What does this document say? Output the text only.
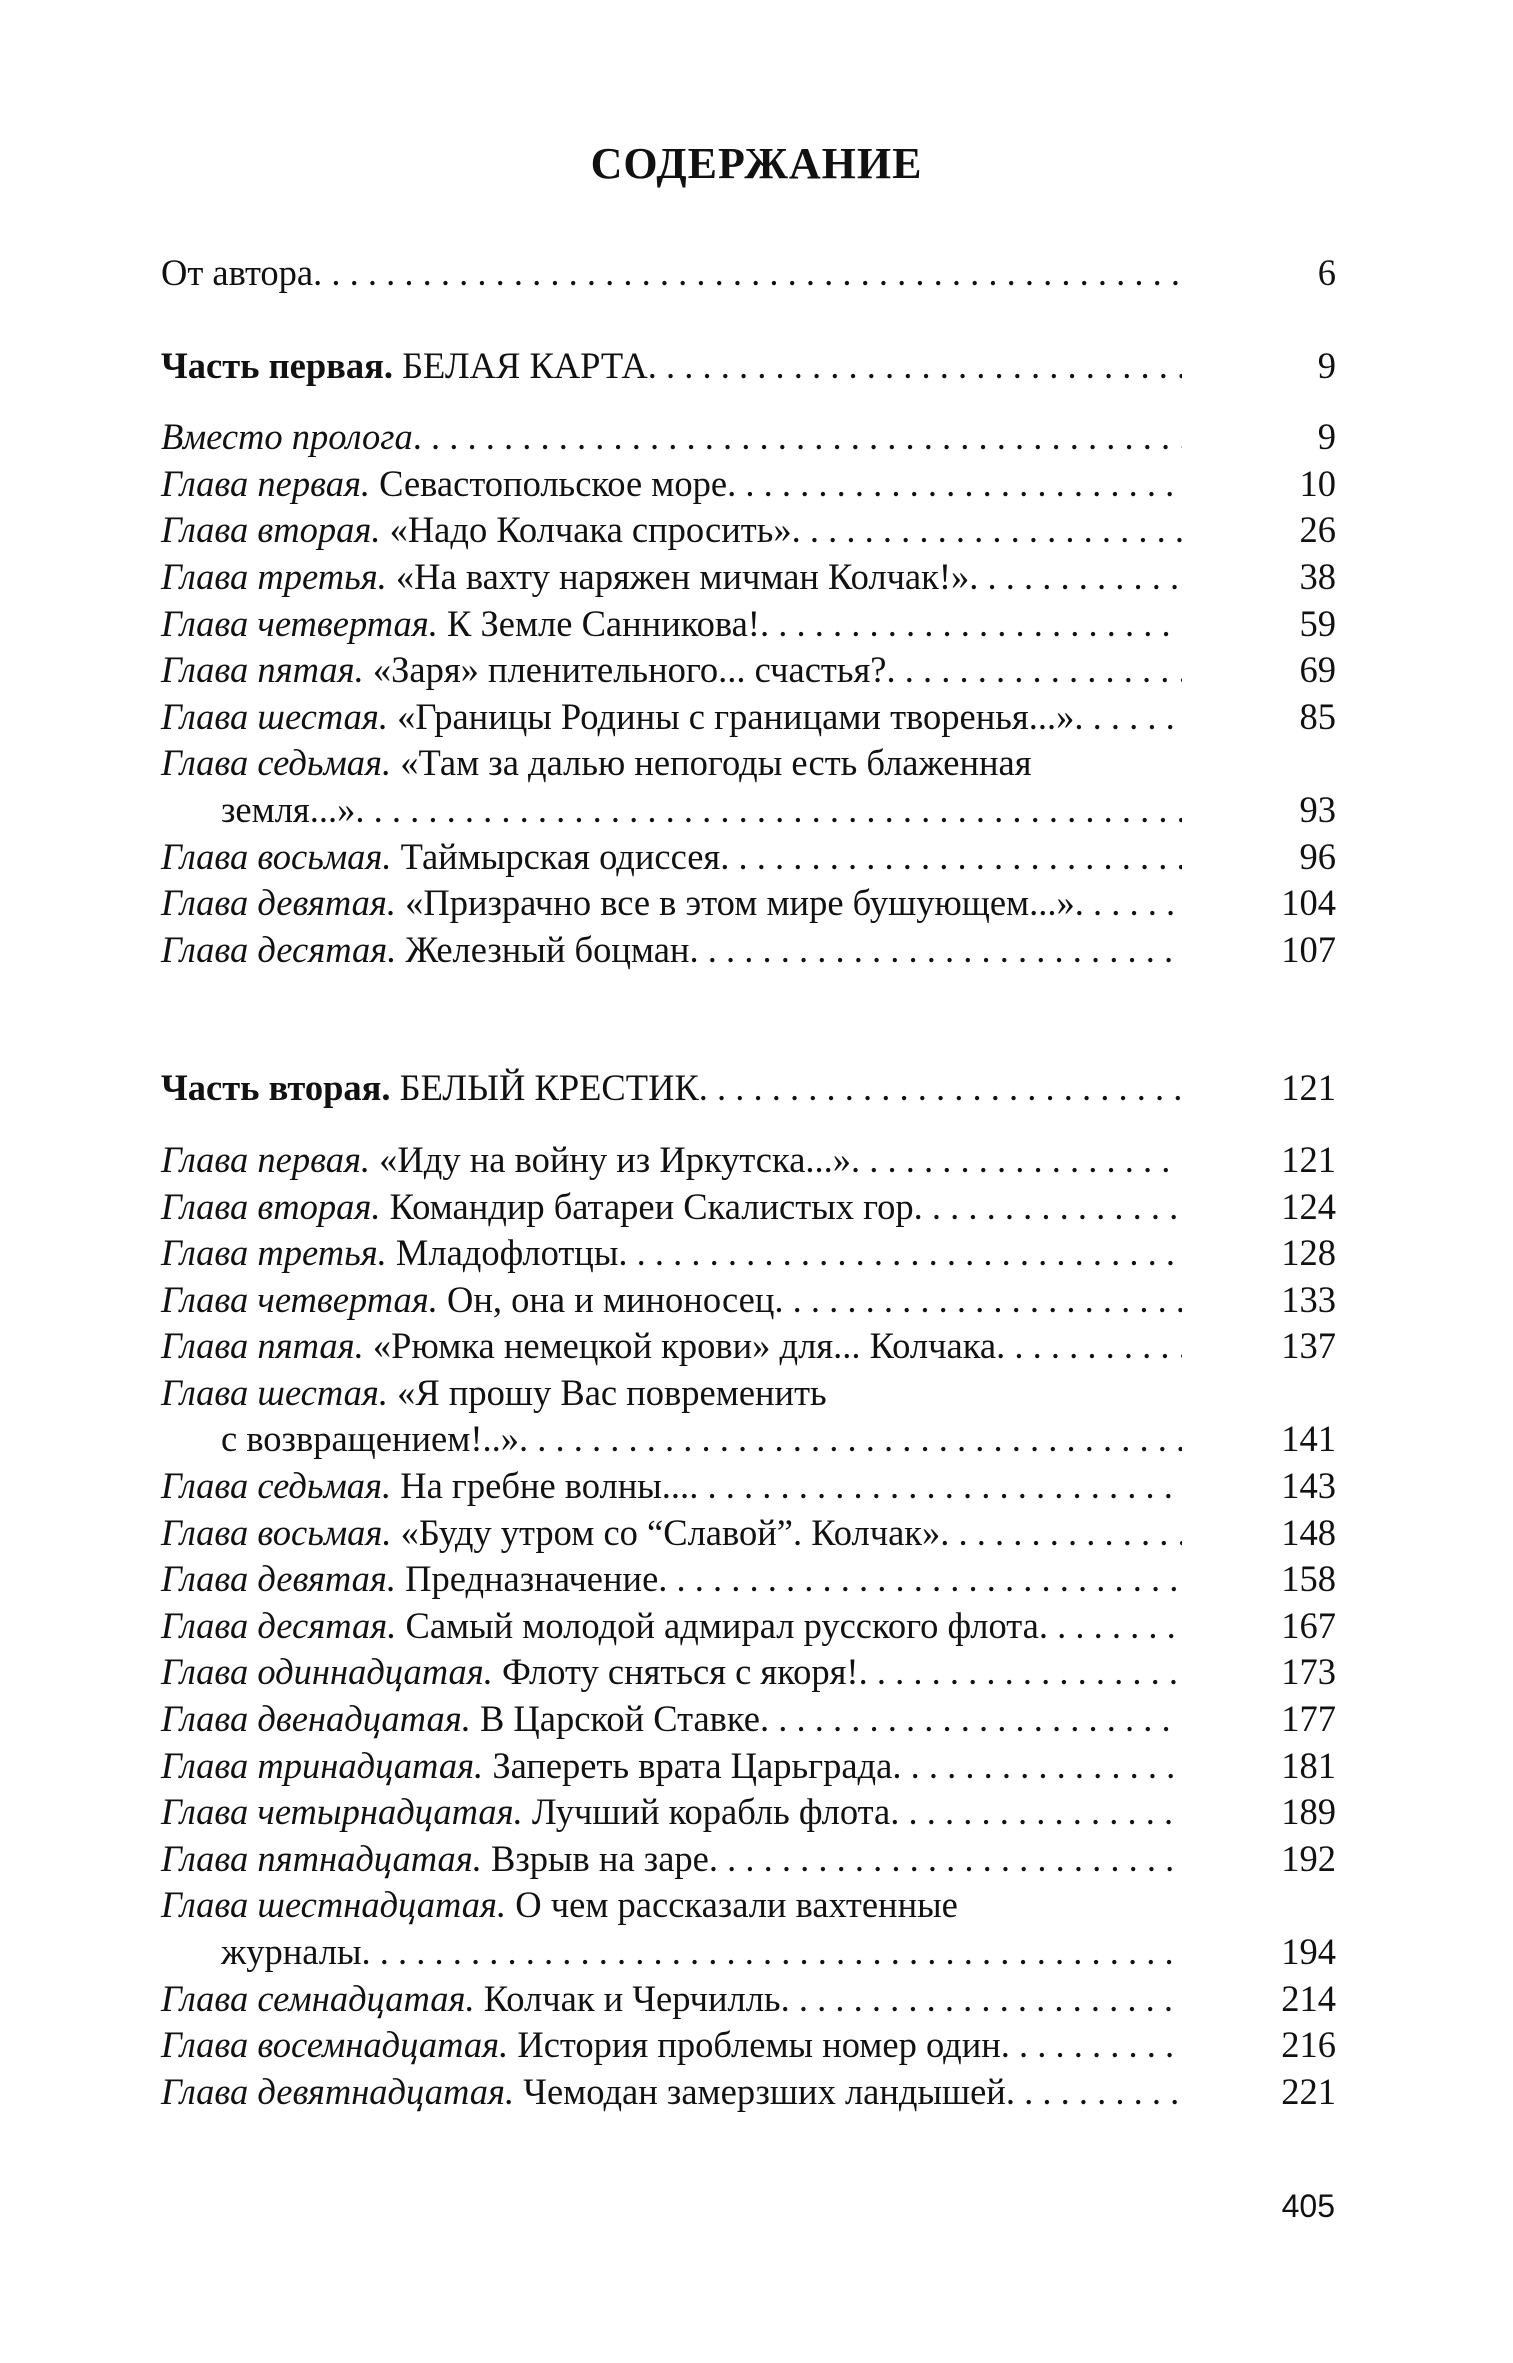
СОДЕРЖАНИЕ
От автора . . .	6
Часть первая. БЕЛАЯ КАРТА . . .	9
Вместо пролога . . .	9
Глава первая. Севастопольское море . . .	10
Глава вторая. «Надо Колчака спросить» . . .	26
Глава третья. «На вахту наряжен мичман Колчак!» . . .	38
Глава четвертая. К Земле Санникова! . . .	59
Глава пятая. «Заря» пленительного... счастья? . . .	69
Глава шестая. «Границы Родины с границами творенья...» . . .	85
Глава седьмая. «Там за далью непогоды есть блаженная
земля...» . . .	93
Глава восьмая. Таймырская одиссея . . .	96
Глава девятая. «Призрачно все в этом мире бушующем...» . . .	104
Глава десятая. Железный боцман . . .	107
Часть вторая. БЕЛЫЙ КРЕСТИК . . .	121
Глава первая. «Иду на войну из Иркутска...» . . .	121
Глава вторая. Командир батареи Скалистых гор . . .	124
Глава третья. Младофлотцы . . .	128
Глава четвертая. Он, она и миноносец . . .	133
Глава пятая. «Рюмка немецкой крови» для... Колчака . . .	137
Глава шестая. «Я прошу Вас повременить
с возвращением!..» . . .	141
Глава седьмая. На гребне волны... . . .	143
Глава восьмая. «Буду утром со “Славой”. Колчак» . . .	148
Глава девятая. Предназначение . . .	158
Глава десятая. Самый молодой адмирал русского флота . . .	167
Глава одиннадцатая. Флоту сняться с якоря! . . .	173
Глава двенадцатая. В Царской Ставке . . .	177
Глава тринадцатая. Запереть врата Царьграда . . .	181
Глава четырнадцатая. Лучший корабль флота . . .	189
Глава пятнадцатая. Взрыв на заре . . .	192
Глава шестнадцатая. О чем рассказали вахтенные
журналы . . .	194
Глава семнадцатая. Колчак и Черчилль . . .	214
Глава восемнадцатая. История проблемы номер один . . .	216
Глава девятнадцатая. Чемодан замерзших ландышей . . .	221
405
